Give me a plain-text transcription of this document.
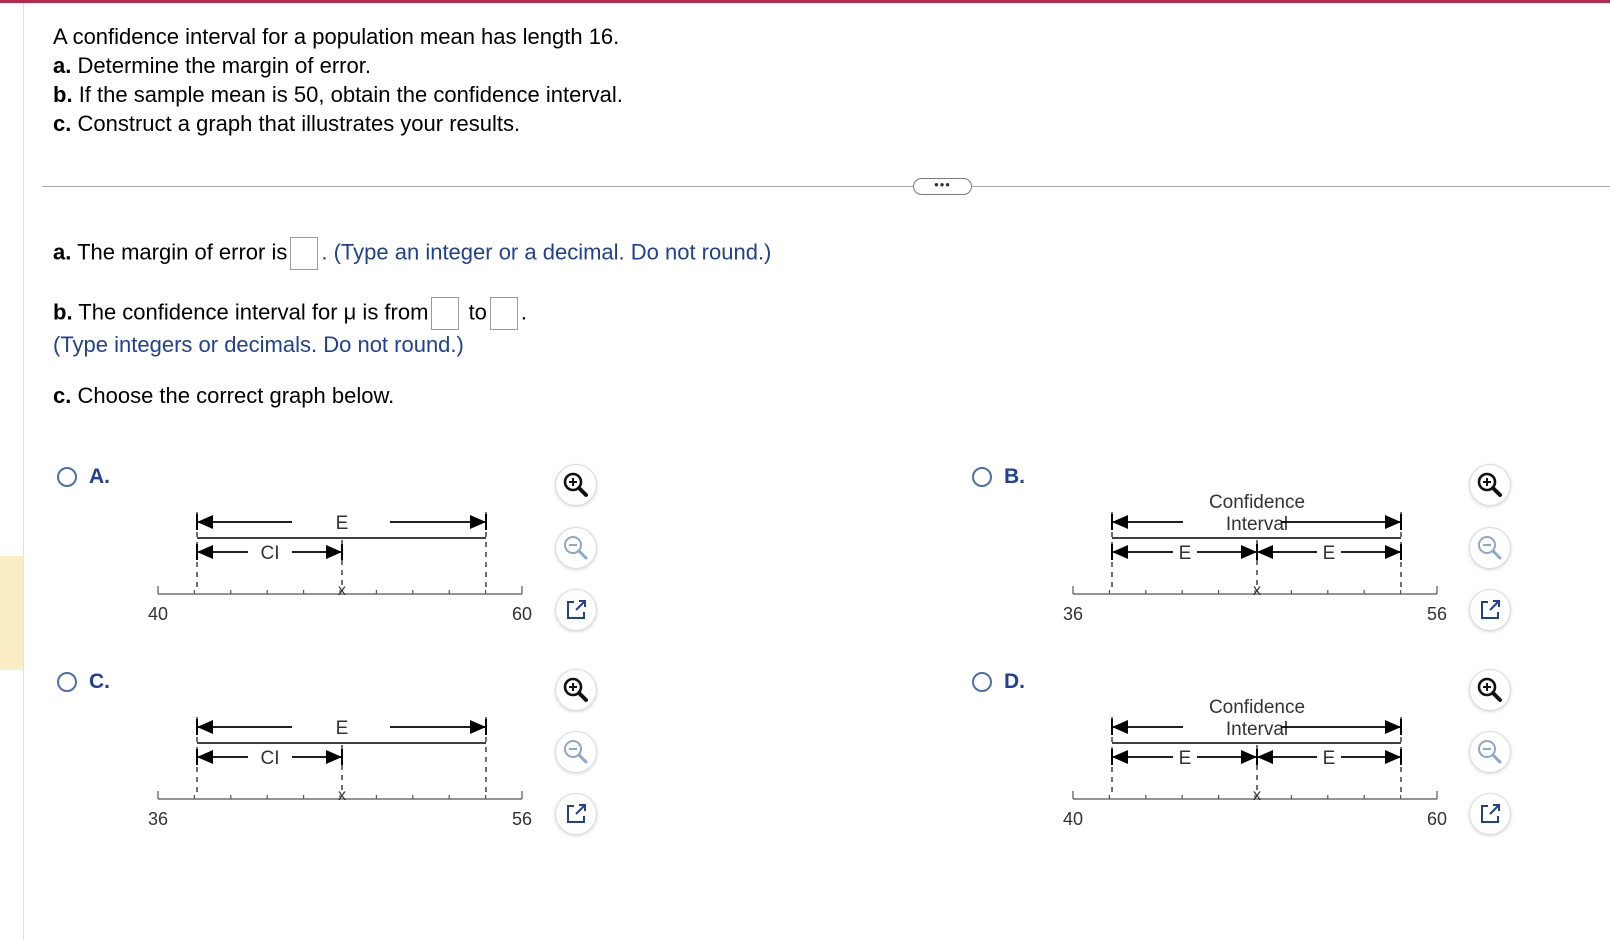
A confidence interval for a population mean has length 16.
a. Determine the margin of error.
b. If the sample mean is 50, obtain the confidence interval.
c. Construct a graph that illustrates your results.
•••
a. The margin of error is . (Type an integer or a decimal. Do not round.)
b. The confidence interval for μ is from to .
(Type integers or decimals. Do not round.)
c. Choose the correct graph below.
A.
40	60
x
E
CI
B.
36	56
x
Confidence
Interval
E	E
C.
36	56
x
E
CI
D.
40	60
x
Confidence
Interval
E	E
